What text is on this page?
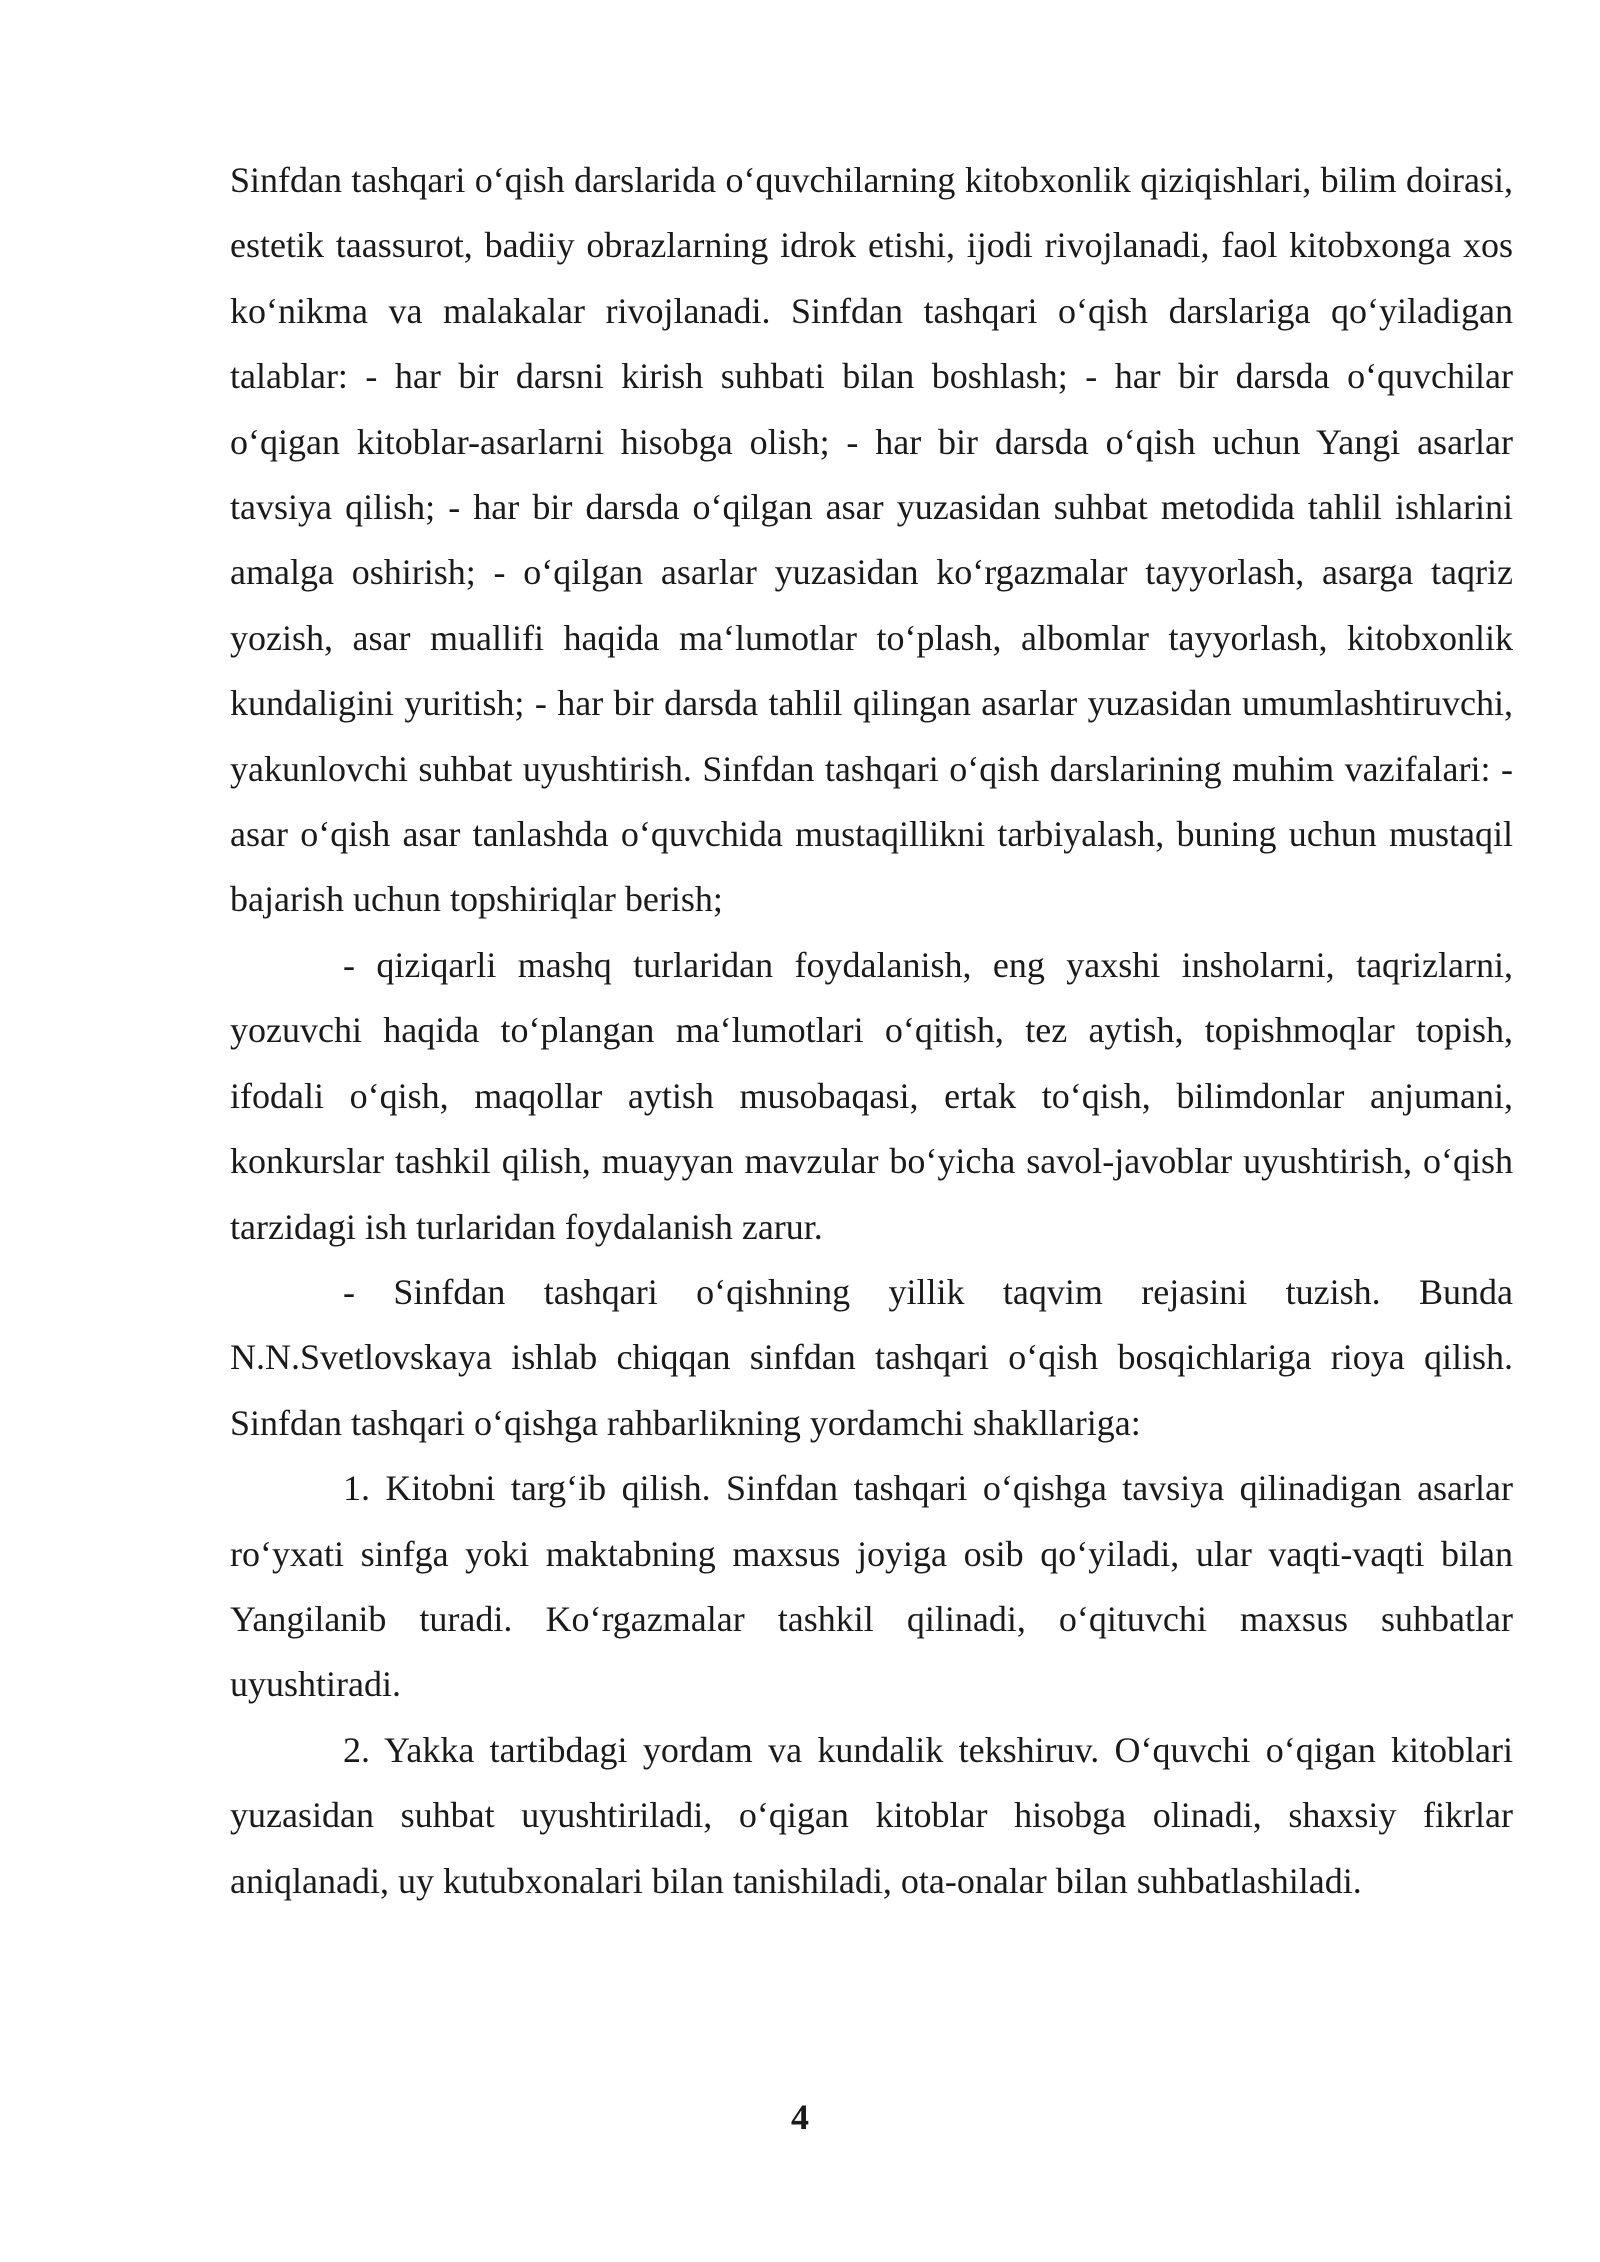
Sinfdan tashqari oʻqish darslarida oʻquvchilarning kitobxonlik qiziqishlari, bilim doirasi, estetik taassurot, badiiy obrazlarning idrok etishi, ijodi rivojlanadi, faol kitobxonga xos koʻnikma va malakalar rivojlanadi. Sinfdan tashqari oʻqish darslariga qoʻyiladigan talablar: - har bir darsni kirish suhbati bilan boshlash; - har bir darsda oʻquvchilar oʻqigan kitoblar-asarlarni hisobga olish; - har bir darsda oʻqish uchun Yangi asarlar tavsiya qilish; - har bir darsda oʻqilgan asar yuzasidan suhbat metodida tahlil ishlarini amalga oshirish; - oʻqilgan asarlar yuzasidan koʻrgazmalar tayyorlash, asarga taqriz yozish, asar muallifi haqida maʻlumotlar toʻplash, albomlar tayyorlash, kitobxonlik kundaligini yuritish; - har bir darsda tahlil qilingan asarlar yuzasidan umumlashtiruvchi, yakunlovchi suhbat uyushtirish. Sinfdan tashqari oʻqish darslarining muhim vazifalari: - asar oʻqish asar tanlashda oʻquvchida mustaqillikni tarbiyalash, buning uchun mustaqil bajarish uchun topshiriqlar berish;

- qiziqarli mashq turlaridan foydalanish, eng yaxshi insholarni, taqrizlarni, yozuvchi haqida toʻplangan maʻlumotlari oʻqitish, tez aytish, topishmoqlar topish, ifodali oʻqish, maqollar aytish musobaqasi, ertak toʻqish, bilimdonlar anjumani, konkurslar tashkil qilish, muayyan mavzular boʻyicha savol-javoblar uyushtirish, oʻqish tarzidagi ish turlaridan foydalanish zarur.

- Sinfdan tashqari oʻqishning yillik taqvim rejasini tuzish. Bunda N.N.Svetlovskaya ishlab chiqqan sinfdan tashqari oʻqish bosqichlariga rioya qilish. Sinfdan tashqari oʻqishga rahbarlikning yordamchi shakllariga:

1. Kitobni targʻib qilish. Sinfdan tashqari oʻqishga tavsiya qilinadigan asarlar roʻyxati sinfga yoki maktabning maxsus joyiga osib qoʻyiladi, ular vaqti-vaqti bilan Yangilanib turadi. Koʻrgazmalar tashkil qilinadi, oʻqituvchi maxsus suhbatlar uyushtiradi.

2. Yakka tartibdagi yordam va kundalik tekshiruv. Oʻquvchi oʻqigan kitoblari yuzasidan suhbat uyushtiriladi, oʻqigan kitoblar hisobga olinadi, shaxsiy fikrlar aniqlanadi, uy kutubxonalari bilan tanishiladi, ota-onalar bilan suhbatlashiladi.

4
